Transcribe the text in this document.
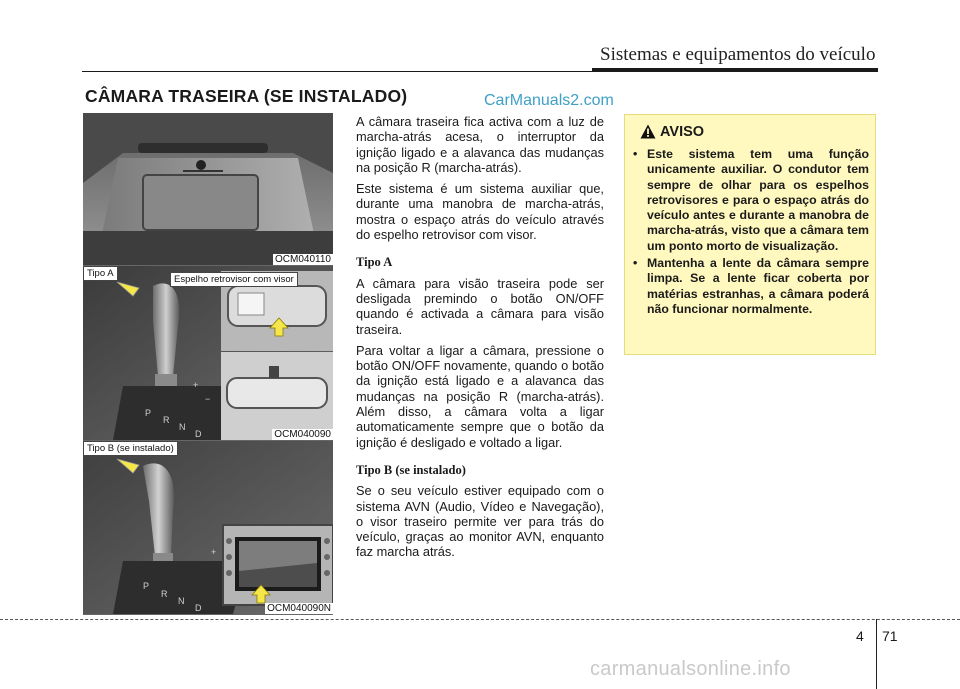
Sistemas e equipamentos do veículo
CÂMARA TRASEIRA (SE INSTALADO)	CarManuals2.com
OCM040110
P
R
N
D
+
−
Tipo A
Espelho retrovisor com visor
OCM040090
P
R
N
D
+
Tipo B (se instalado)
OCM040090N

A câmara traseira fica activa com a luz de marcha-atrás acesa, o interruptor da ignição ligado e a alavanca das mudanças na posição R (marcha-atrás).

Este sistema é um sistema auxiliar que, durante uma manobra de marcha-atrás, mostra o espaço atrás do veículo através do espelho retrovisor com visor.

Tipo A

A câmara para visão traseira pode ser desligada premindo o botão ON/OFF quando é activada a câmara para visão traseira.

Para voltar a ligar a câmara, pressione o botão ON/OFF novamente, quando o botão da ignição está ligado e a alavanca das mudanças na posição R (marcha-atrás). Além disso, a câmara volta a ligar automaticamente sempre que o botão da ignição é desligado e voltado a ligar.

Tipo B (se instalado)

Se o seu veículo estiver equipado com o sistema AVN (Audio, Vídeo e Navegação), o visor traseiro permite ver para trás do veículo, graças ao monitor AVN, enquanto faz marcha atrás.

AVISO
• Este sistema tem uma função unicamente auxiliar. O condutor tem sempre de olhar para os espelhos retrovisores e para o espaço atrás do veículo antes e durante a manobra de marcha-atrás, visto que a câmara tem um ponto morto de visualização.
• Mantenha a lente da câmara sempre limpa. Se a lente ficar coberta por matérias estranhas, a câmara poderá não funcionar normalmente.
4 71
carmanualsonline.info
